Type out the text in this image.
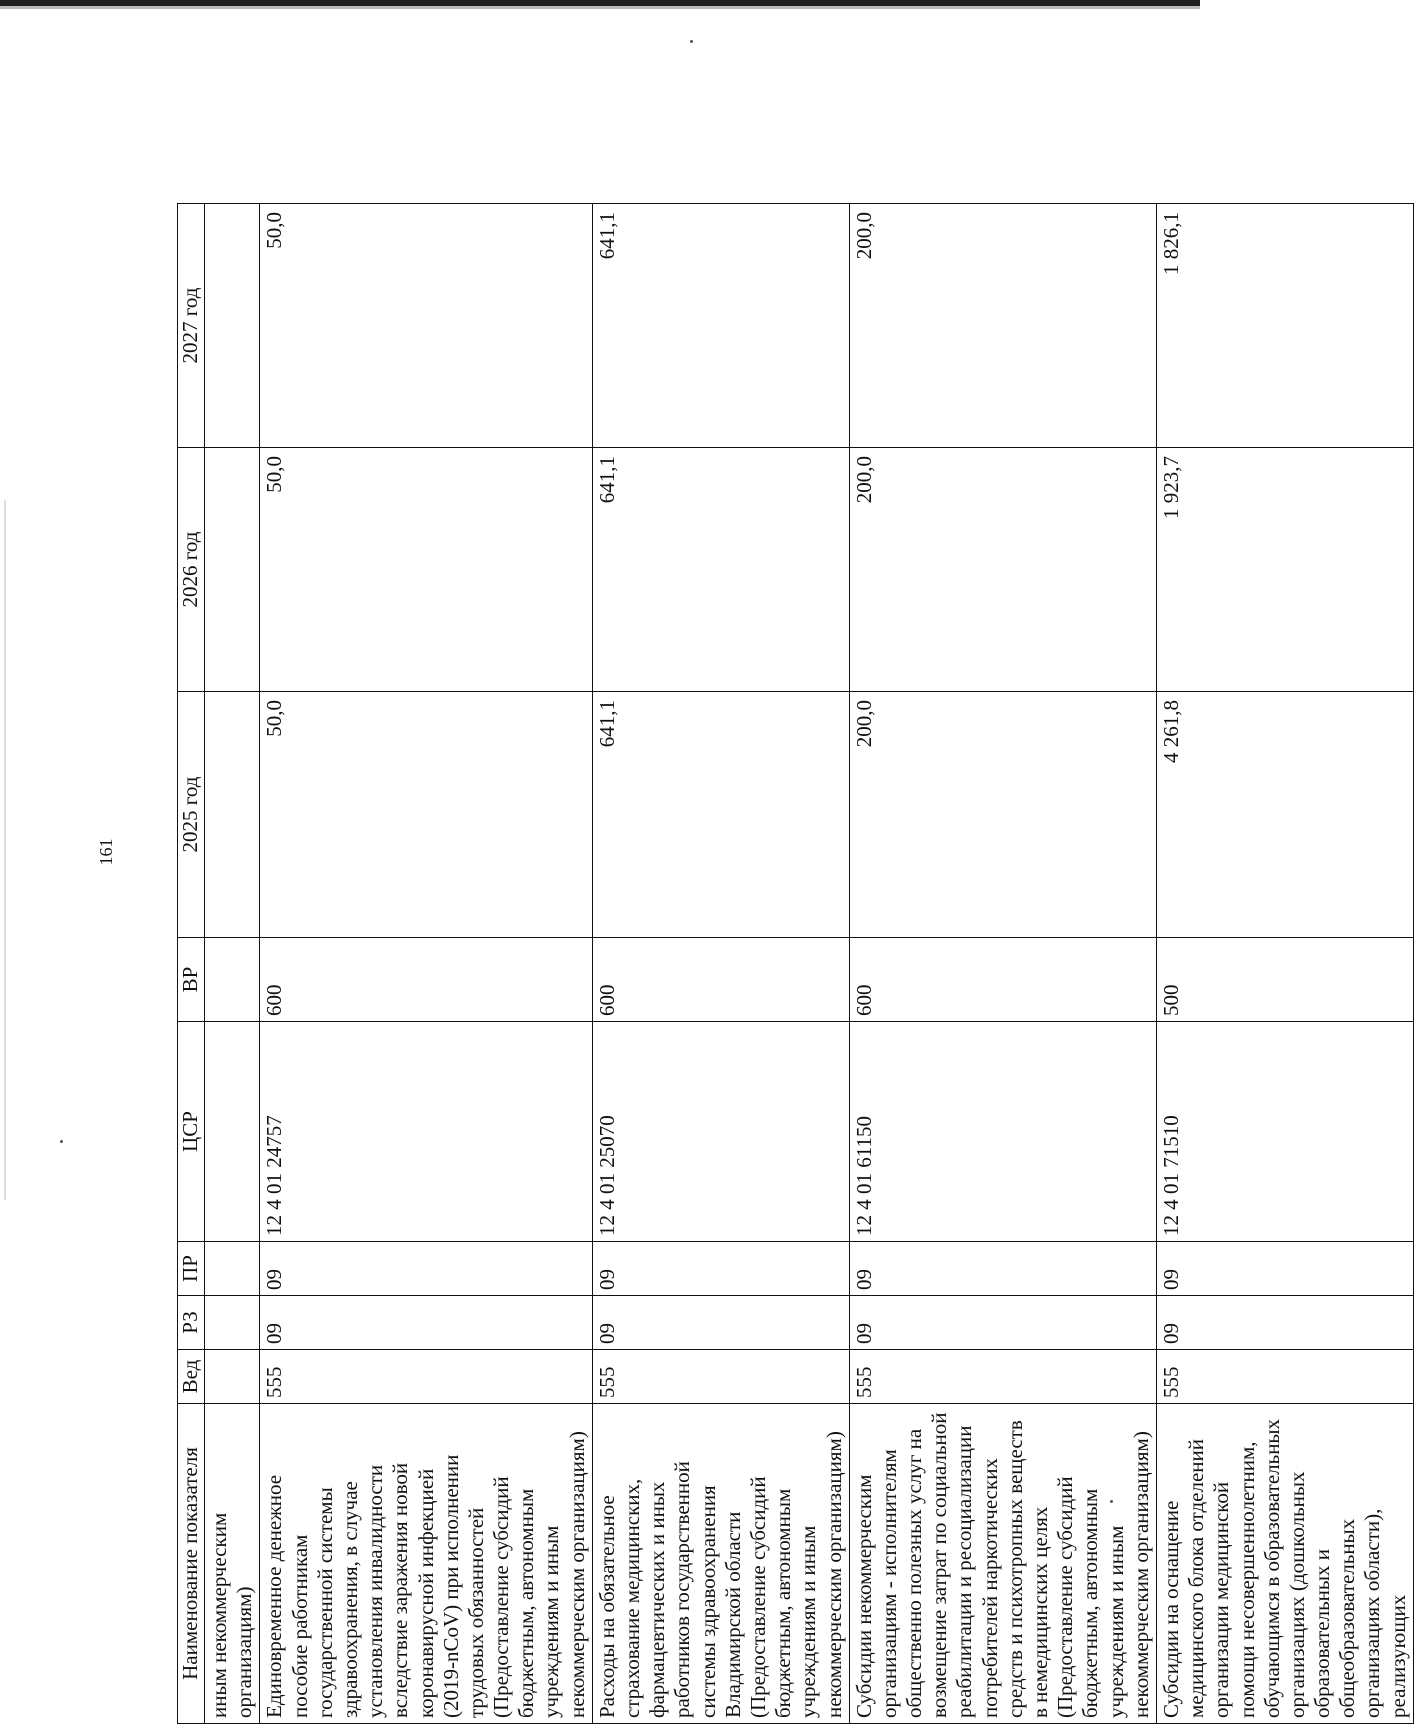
161
Наименование показателя	Вед	РЗ	ПР	ЦСР	ВР	2025 год	2026 год	2027 год
иным некоммерческим организациям)								
Единовременное денежное пособие работникам государственной системы здравоохранения, в случае установления инвалидности вследствие заражения новой коронавирусной инфекцией (2019-nCoV) при исполнении трудовых обязанностей (Предоставление субсидий бюджетным, автономным учреждениям и иным некоммерческим организациям)	555	09	09	12 4 01 24757	600	50,0	50,0	50,0
Расходы на обязательное страхование медицинских, фармацевтических и иных работников государственной системы здравоохранения Владимирской области (Предоставление субсидий бюджетным, автономным учреждениям и иным некоммерческим организациям)	555	09	09	12 4 01 25070	600	641,1	641,1	641,1
Субсидии некоммерческим организациям - исполнителям общественно полезных услуг на возмещение затрат по социальной реабилитации и ресоциализации потребителей наркотических средств и психотропных веществ в немедицинских целях (Предоставление субсидий бюджетным, автономным учреждениям и иным некоммерческим организациям)	555	09	09	12 4 01 61150	600	200,0	200,0	200,0
Субсидии на оснащение медицинского блока отделений организации медицинской помощи несовершеннолетним, обучающимся в образовательных организациях (дошкольных образовательных и общеобразовательных организациях области), реализующих	555	09	09	12 4 01 71510	500	4 261,8	1 923,7	1 826,1
